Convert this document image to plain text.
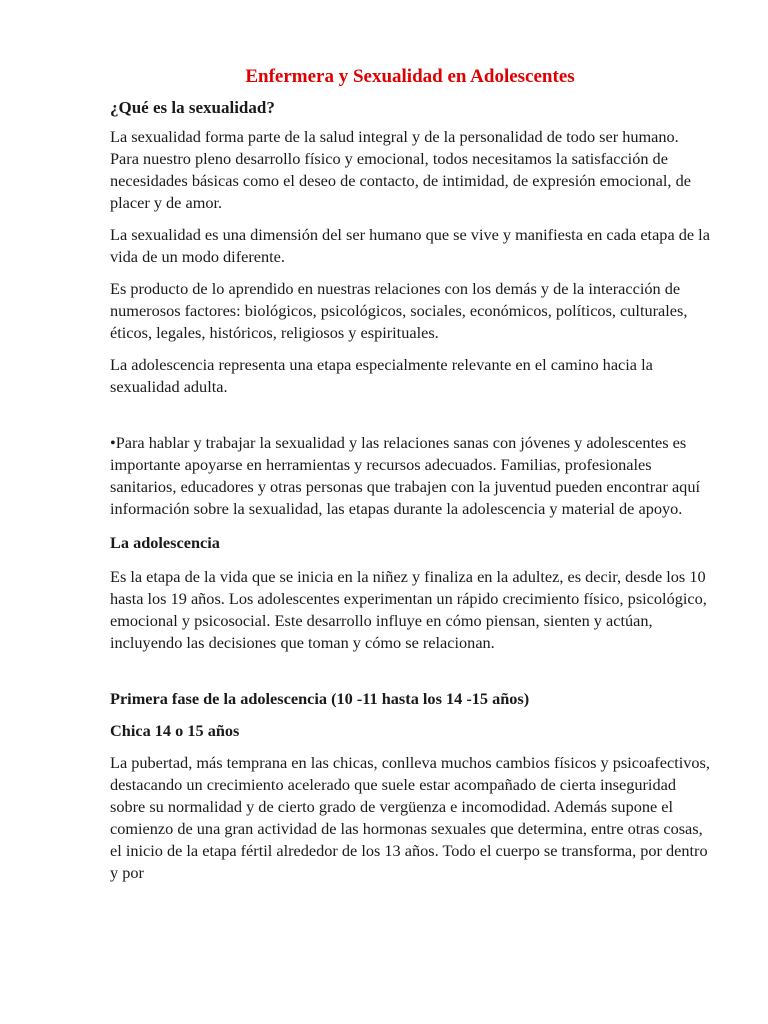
Enfermera y Sexualidad en Adolescentes
¿Qué es la sexualidad?

La sexualidad forma parte de la salud integral y de la personalidad de todo ser humano. Para nuestro pleno desarrollo físico y emocional, todos necesitamos la satisfacción de necesidades básicas como el deseo de contacto, de intimidad, de expresión emocional, de placer y de amor.

La sexualidad es una dimensión del ser humano que se vive y manifiesta en cada etapa de la vida de un modo diferente.

Es producto de lo aprendido en nuestras relaciones con los demás y de la interacción de numerosos factores: biológicos, psicológicos, sociales, económicos, políticos, culturales, éticos, legales, históricos, religiosos y espirituales.

La adolescencia representa una etapa especialmente relevante en el camino hacia la sexualidad adulta.

•Para hablar y trabajar la sexualidad y las relaciones sanas con jóvenes y adolescentes es importante apoyarse en herramientas y recursos adecuados. Familias, profesionales sanitarios, educadores y otras personas que trabajen con la juventud pueden encontrar aquí información sobre la sexualidad, las etapas durante la adolescencia y material de apoyo.

La adolescencia

Es la etapa de la vida que se inicia en la niñez y finaliza en la adultez, es decir, desde los 10 hasta los 19 años. Los adolescentes experimentan un rápido crecimiento físico, psicológico, emocional y psicosocial. Este desarrollo influye en cómo piensan, sienten y actúan, incluyendo las decisiones que toman y cómo se relacionan.

Primera fase de la adolescencia (10 -11 hasta los 14 -15 años)
Chica 14 o 15 años

La pubertad, más temprana en las chicas, conlleva muchos cambios físicos y psicoafectivos, destacando un crecimiento acelerado que suele estar acompañado de cierta inseguridad sobre su normalidad y de cierto grado de vergüenza e incomodidad. Además supone el comienzo de una gran actividad de las hormonas sexuales que determina, entre otras cosas, el inicio de la etapa fértil alrededor de los 13 años. Todo el cuerpo se transforma, por dentro y por
